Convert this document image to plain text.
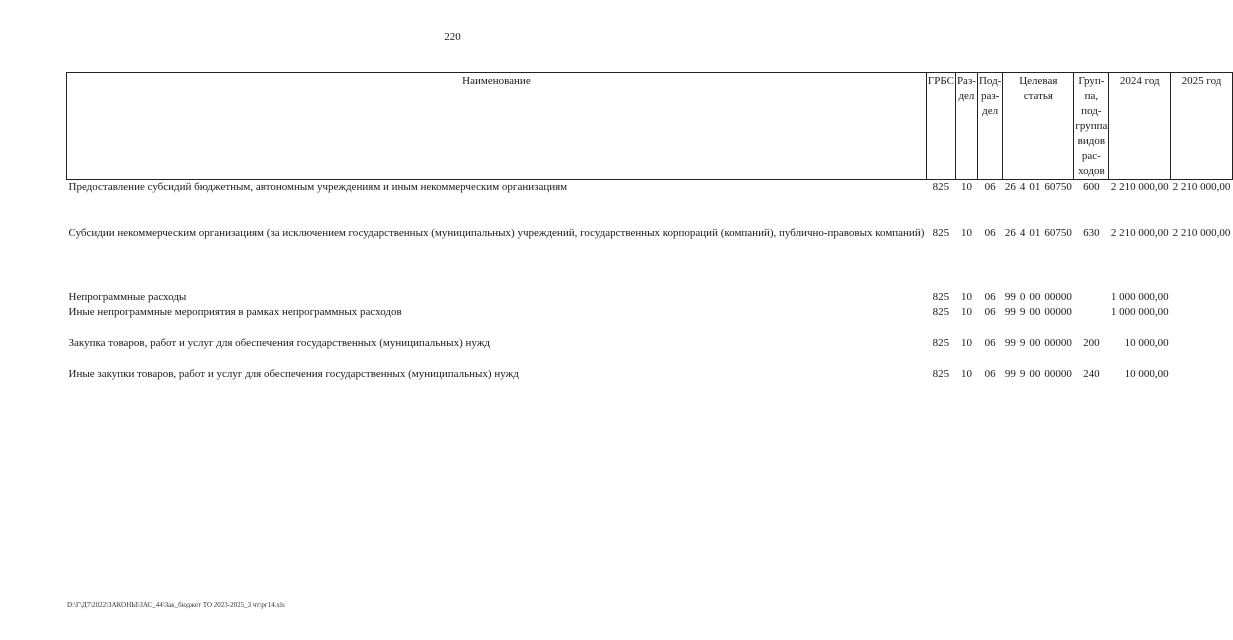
220
Наименование	ГРБС	Раз- дел	Под- раз- дел	Целевая статья				Груп- па, под- группа видов рас- ходов	2024 год	2025 год
Предоставление субсидий бюджетным, автономным учреждениям и иным некоммерческим организациям	825	10	06	26	4	01	60750	600	2 210 000,00	2 210 000,00
Субсидии некоммерческим организациям (за исключением государственных (муниципальных) учреждений, государственных корпораций (компаний), публично-правовых компаний)	825	10	06	26	4	01	60750	630	2 210 000,00	2 210 000,00
Непрограммные расходы	825	10	06	99	0	00	00000		1 000 000,00	
Иные непрограммные мероприятия в рамках непрограммных расходов	825	10	06	99	9	00	00000		1 000 000,00	
Закупка товаров, работ и услуг для обеспечения государственных (муниципальных) нужд	825	10	06	99	9	00	00000	200	10 000,00	
Иные закупки товаров, работ и услуг для обеспечения государственных (муниципальных) нужд	825	10	06	99	9	00	00000	240	10 000,00	
D:\Г\Д7\2022\ЗАКОНЫ\ЗАС_44\Зак_бюджет ТО 2023-2025_3 чт\рг14.xls
